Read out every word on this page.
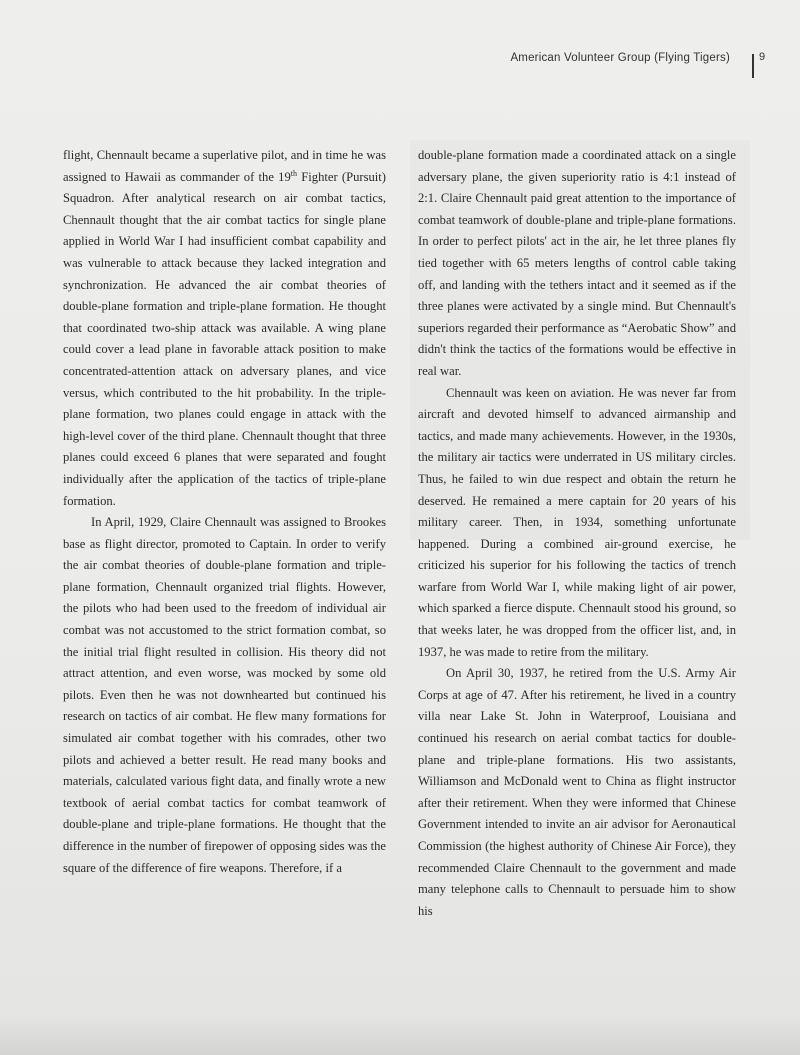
American Volunteer Group (Flying Tigers)	9

flight, Chennault became a superlative pilot, and in time he was assigned to Hawaii as commander of the 19th Fighter (Pursuit) Squadron. After analytical research on air combat tactics, Chennault thought that the air combat tactics for single plane applied in World War I had insufficient combat capability and was vulnerable to attack because they lacked integration and synchronization. He advanced the air combat theories of double-plane formation and triple-plane formation. He thought that coordinated two-ship attack was available. A wing plane could cover a lead plane in favorable attack position to make concentrated-attention attack on adversary planes, and vice versus, which contributed to the hit probability. In the triple-plane formation, two planes could engage in attack with the high-level cover of the third plane. Chennault thought that three planes could exceed 6 planes that were separated and fought individually after the application of the tactics of triple-plane formation.

In April, 1929, Claire Chennault was assigned to Brookes base as flight director, promoted to Captain. In order to verify the air combat theories of double-plane formation and triple-plane formation, Chennault organized trial flights. However, the pilots who had been used to the freedom of individual air combat was not accustomed to the strict formation combat, so the initial trial flight resulted in collision. His theory did not attract attention, and even worse, was mocked by some old pilots. Even then he was not downhearted but continued his research on tactics of air combat. He flew many formations for simulated air combat together with his comrades, other two pilots and achieved a better result. He read many books and materials, calculated various fight data, and finally wrote a new textbook of aerial combat tactics for combat teamwork of double-plane and triple-plane formations. He thought that the difference in the number of firepower of opposing sides was the square of the difference of fire weapons. Therefore, if a

double-plane formation made a coordinated attack on a single adversary plane, the given superiority ratio is 4:1 instead of 2:1. Claire Chennault paid great attention to the importance of combat teamwork of double-plane and triple-plane formations. In order to perfect pilots' act in the air, he let three planes fly tied together with 65 meters lengths of control cable taking off, and landing with the tethers intact and it seemed as if the three planes were activated by a single mind. But Chennault's superiors regarded their performance as “Aerobatic Show” and didn't think the tactics of the formations would be effective in real war.

Chennault was keen on aviation. He was never far from aircraft and devoted himself to advanced airmanship and tactics, and made many achievements. However, in the 1930s, the military air tactics were underrated in US military circles. Thus, he failed to win due respect and obtain the return he deserved. He remained a mere captain for 20 years of his military career. Then, in 1934, something unfortunate happened. During a combined air-ground exercise, he criticized his superior for his following the tactics of trench warfare from World War I, while making light of air power, which sparked a fierce dispute. Chennault stood his ground, so that weeks later, he was dropped from the officer list, and, in 1937, he was made to retire from the military.

On April 30, 1937, he retired from the U.S. Army Air Corps at age of 47. After his retirement, he lived in a country villa near Lake St. John in Waterproof, Louisiana and continued his research on aerial combat tactics for double-plane and triple-plane formations. His two assistants, Williamson and McDonald went to China as flight instructor after their retirement. When they were informed that Chinese Government intended to invite an air advisor for Aeronautical Commission (the highest authority of Chinese Air Force), they recommended Claire Chennault to the government and made many telephone calls to Chennault to persuade him to show his
